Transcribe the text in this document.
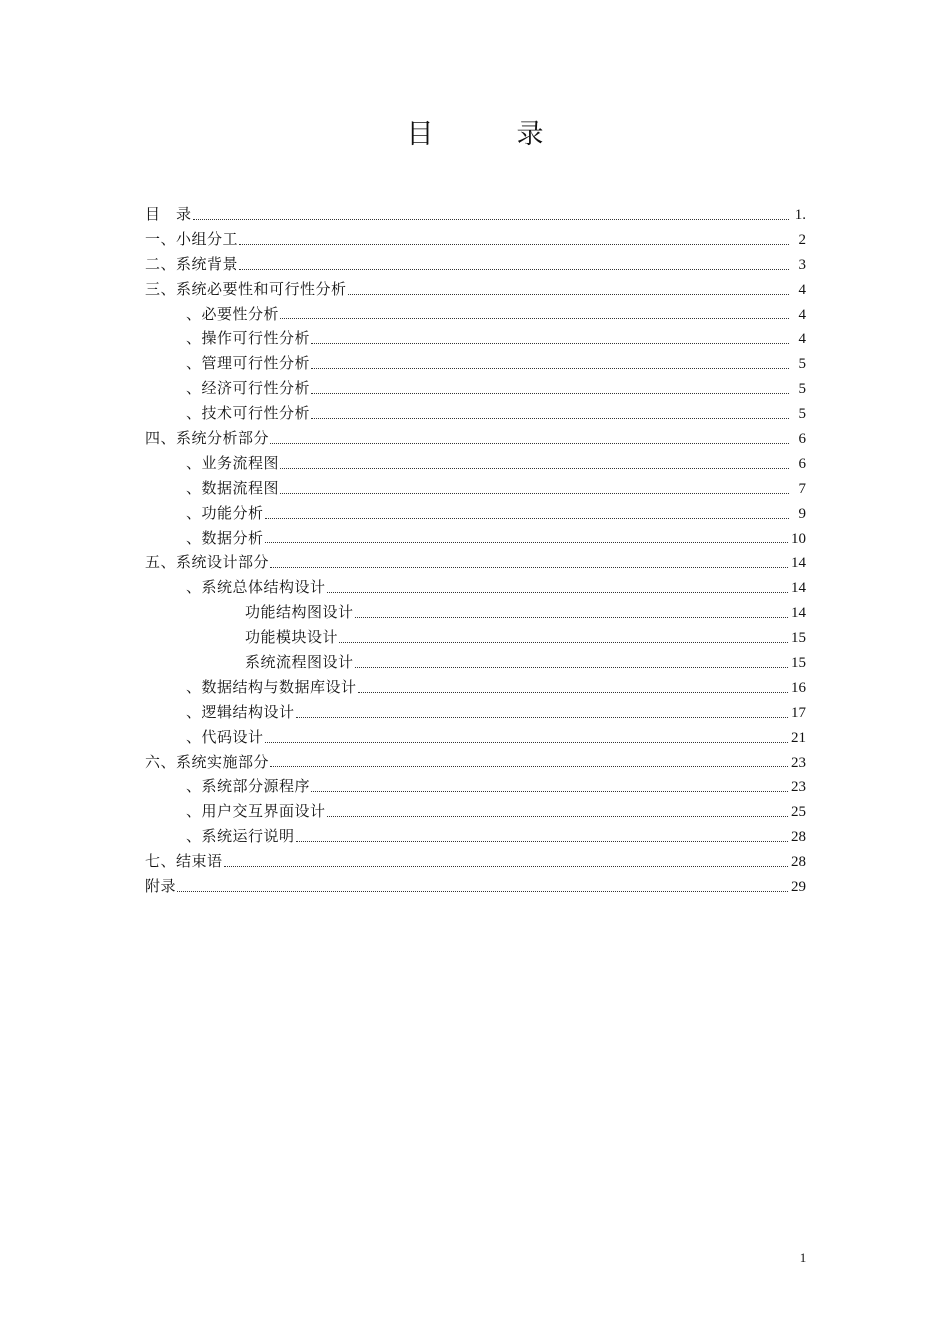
目　录
目　录	1.
一、小组分工	2
二、系统背景	3
三、系统必要性和可行性分析	4
、必要性分析	4
、操作可行性分析	4
、管理可行性分析	5
、经济可行性分析	5
、技术可行性分析	5
四、系统分析部分	6
、业务流程图	6
、数据流程图	7
、功能分析	9
、数据分析	10
五、系统设计部分	14
、系统总体结构设计	14
功能结构图设计	14
功能模块设计	15
系统流程图设计	15
、数据结构与数据库设计	16
、逻辑结构设计	17
、代码设计	21
六、系统实施部分	23
、系统部分源程序	23
、用户交互界面设计	25
、系统运行说明	28
七、结束语	28
附录	29
1
